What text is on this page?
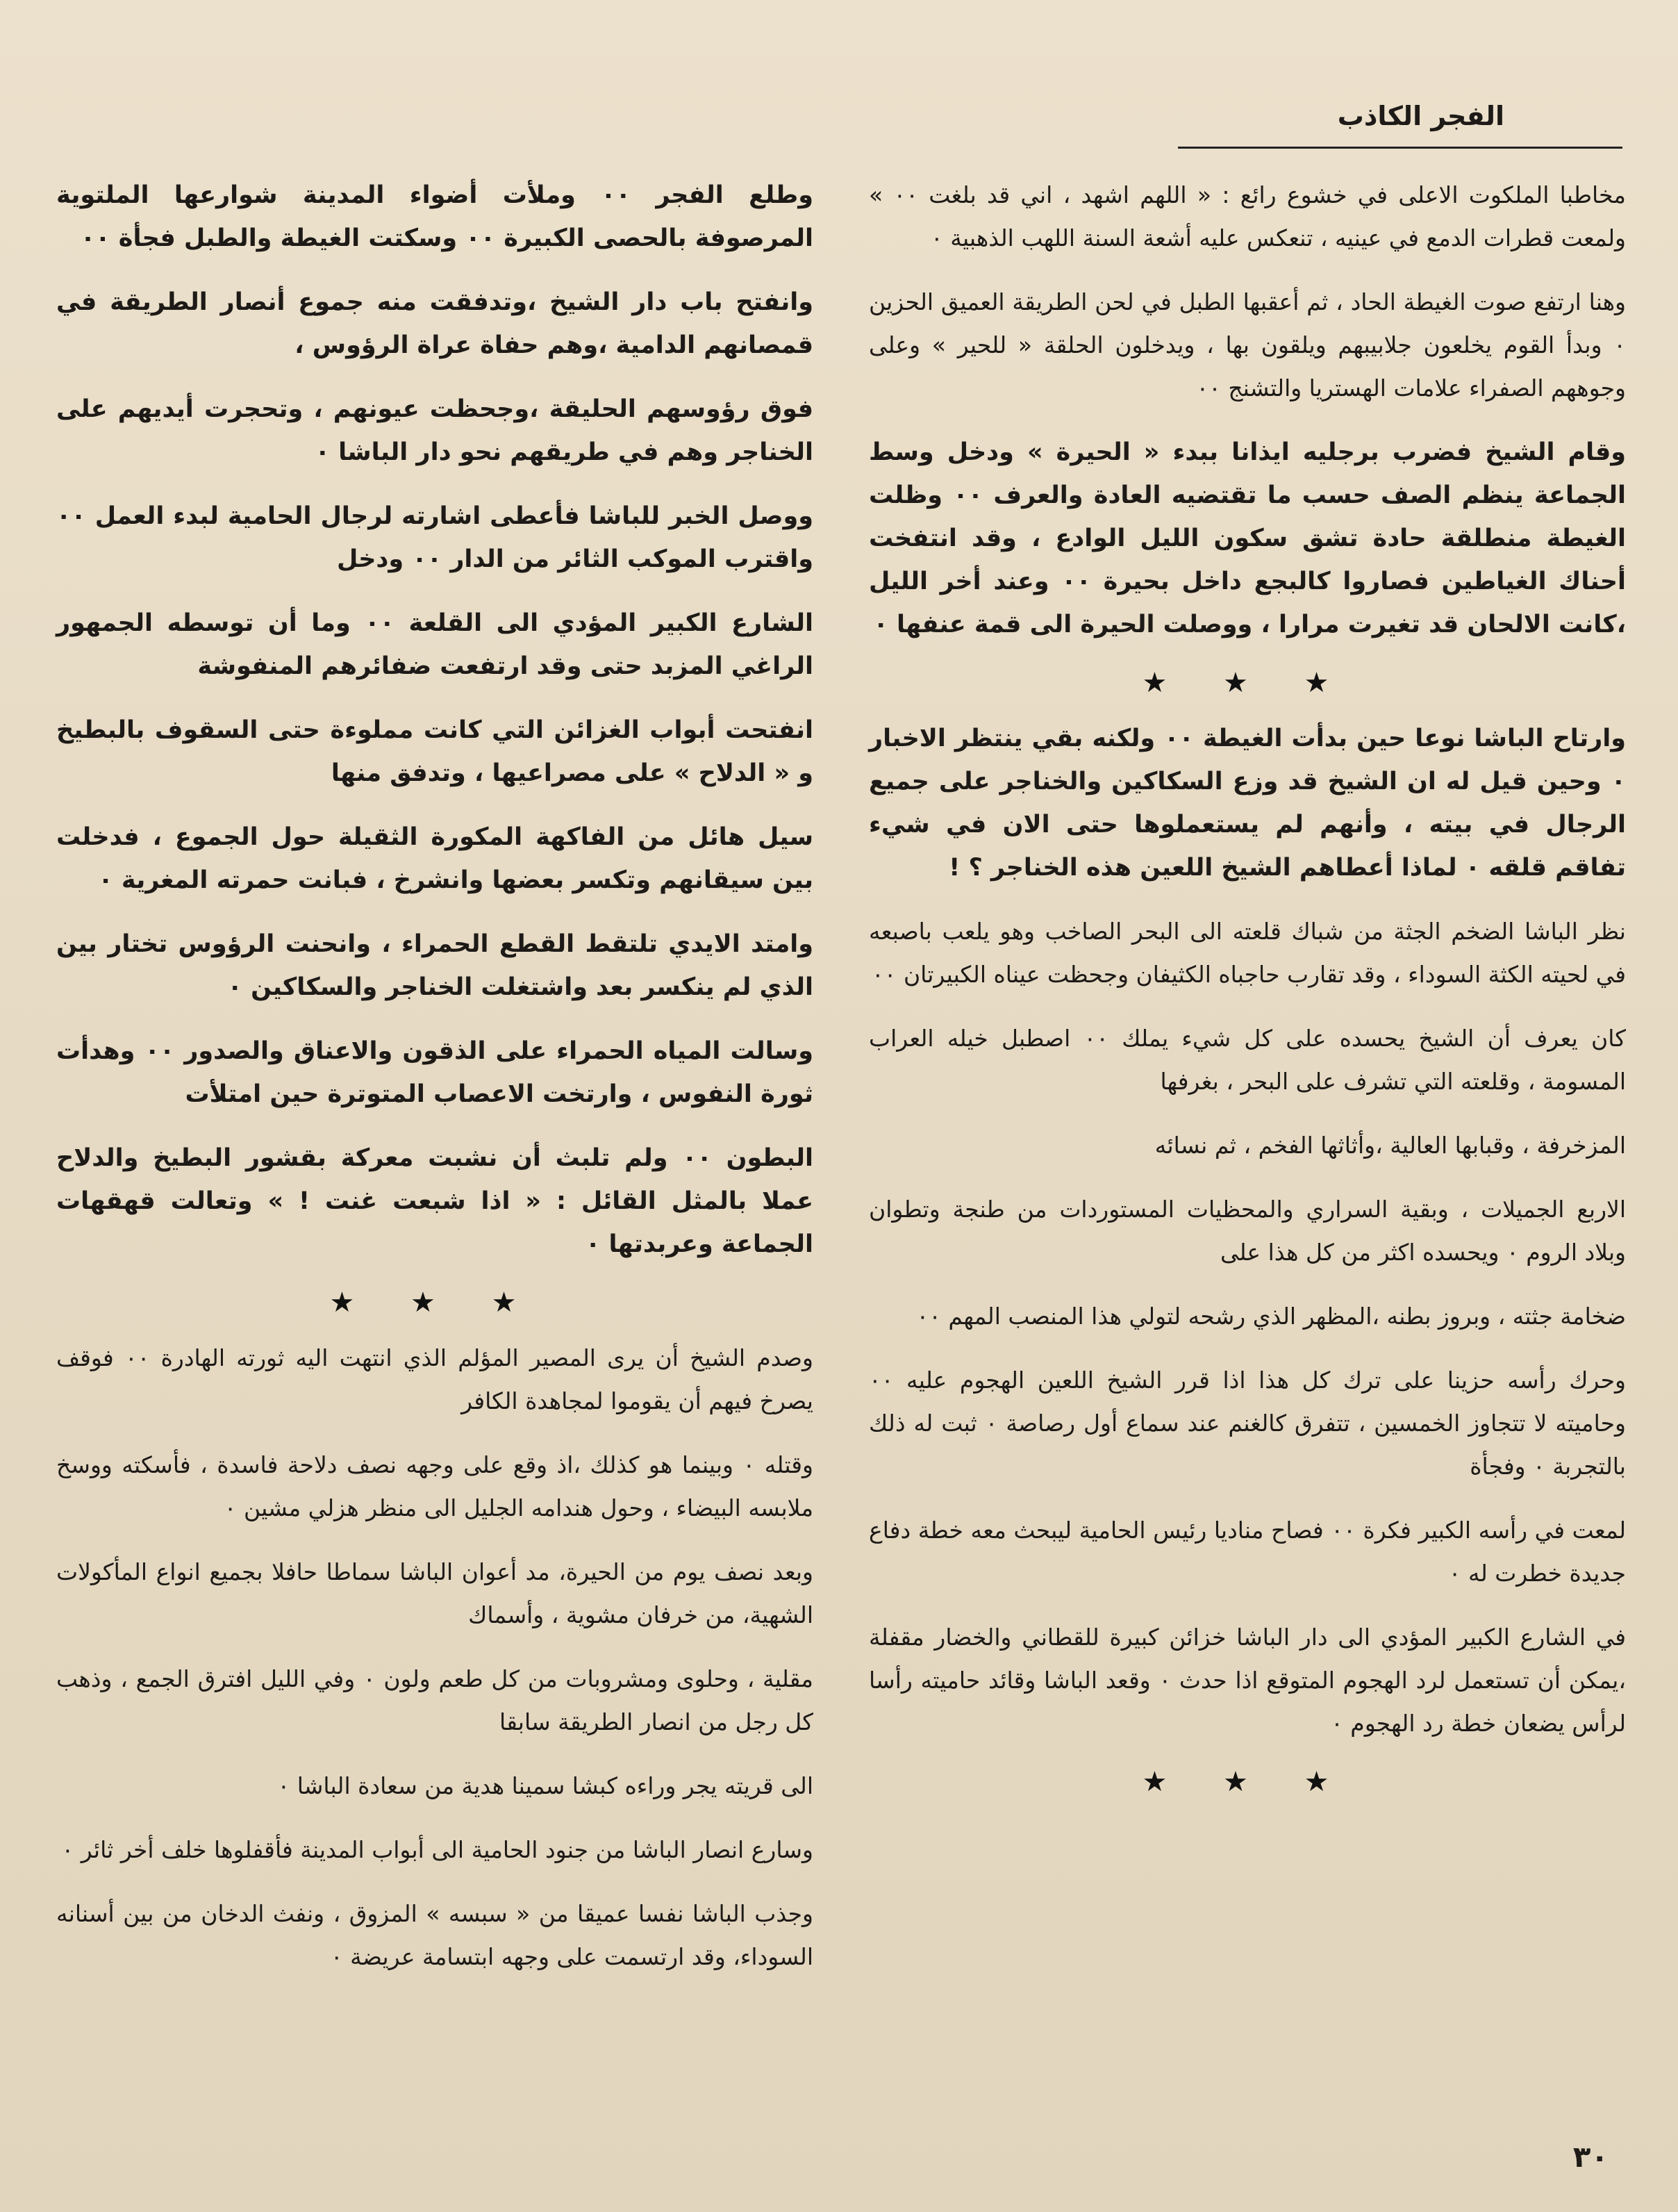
الفجر الكاذب

مخاطبا الملكوت الاعلى في خشوع رائع : « اللهم اشهد ، اني قد بلغت ٠٠ » ولمعت قطرات الدمع في عينيه ، تنعكس عليه أشعة السنة اللهب الذهبية ٠

وهنا ارتفع صوت الغيطة الحاد ، ثم أعقبها الطبل في لحن الطريقة العميق الحزين ٠ وبدأ القوم يخلعون جلابيبهم ويلقون بها ، ويدخلون الحلقة « للحير » وعلى وجوههم الصفراء علامات الهستريا والتشنج ٠٠

وقام الشيخ فضرب برجليه ايذانا ببدء « الحيرة » ودخل وسط الجماعة ينظم الصف حسب ما تقتضيه العادة والعرف ٠٠ وظلت الغيطة منطلقة حادة تشق سكون الليل الوادع ، وقد انتفخت أحناك الغياطين فصاروا كالبجع داخل بحيرة ٠٠ وعند أخر الليل ،كانت الالحان قد تغيرت مرارا ، ووصلت الحيرة الى قمة عنفها ٠

★ ★ ★

وارتاح الباشا نوعا حين بدأت الغيطة ٠٠ ولكنه بقي ينتظر الاخبار ٠ وحين قيل له ان الشيخ قد وزع السكاكين والخناجر على جميع الرجال في بيته ، وأنهم لم يستعملوها حتى الان في شيء تفاقم قلقه ٠ لماذا أعطاهم الشيخ اللعين هذه الخناجر ؟ !

نظر الباشا الضخم الجثة من شباك قلعته الى البحر الصاخب وهو يلعب باصبعه في لحيته الكثة السوداء ، وقد تقارب حاجباه الكثيفان وجحظت عيناه الكبيرتان ٠٠

كان يعرف أن الشيخ يحسده على كل شيء يملك ٠٠ اصطبل خيله العراب المسومة ، وقلعته التي تشرف على البحر ، بغرفها

المزخرفة ، وقبابها العالية ،وأثاثها الفخم ، ثم نسائه

الاربع الجميلات ، وبقية السراري والمحظيات المستوردات من طنجة وتطوان وبلاد الروم ٠ ويحسده اكثر من كل هذا على

ضخامة جثته ، وبروز بطنه ،المظهر الذي رشحه لتولي هذا المنصب المهم ٠٠

وحرك رأسه حزينا على ترك كل هذا اذا قرر الشيخ اللعين الهجوم عليه ٠٠ وحاميته لا تتجاوز الخمسين ، تتفرق كالغنم عند سماع أول رصاصة ٠ ثبت له ذلك بالتجربة ٠ وفجأة

لمعت في رأسه الكبير فكرة ٠٠ فصاح مناديا رئيس الحامية ليبحث معه خطة دفاع جديدة خطرت له ٠

في الشارع الكبير المؤدي الى دار الباشا خزائن كبيرة للقطاني والخضار مقفلة ،يمكن أن تستعمل لرد الهجوم المتوقع اذا حدث ٠ وقعد الباشا وقائد حاميته رأسا لرأس يضعان خطة رد الهجوم ٠

★ ★ ★

وطلع الفجر ٠٠ وملأت أضواء المدينة شوارعها الملتوية المرصوفة بالحصى الكبيرة ٠٠ وسكتت الغيطة والطبل فجأة ٠٠

وانفتح باب دار الشيخ ،وتدفقت منه جموع أنصار الطريقة في قمصانهم الدامية ،وهم حفاة عراة الرؤوس ،

فوق رؤوسهم الحليقة ،وجحظت عيونهم ، وتحجرت أيديهم على الخناجر وهم في طريقهم نحو دار الباشا ٠

ووصل الخبر للباشا فأعطى اشارته لرجال الحامية لبدء العمل ٠٠ واقترب الموكب الثائر من الدار ٠٠ ودخل

الشارع الكبير المؤدي الى القلعة ٠٠ وما أن توسطه الجمهور الراغي المزبد حتى وقد ارتفعت ضفائرهم المنفوشة

انفتحت أبواب الغزائن التي كانت مملوءة حتى السقوف بالبطيخ و « الدلاح » على مصراعيها ، وتدفق منها

سيل هائل من الفاكهة المكورة الثقيلة حول الجموع ، فدخلت بين سيقانهم وتكسر بعضها وانشرخ ، فبانت حمرته المغرية ٠

وامتد الايدي تلتقط القطع الحمراء ، وانحنت الرؤوس تختار بين الذي لم ينكسر بعد واشتغلت الخناجر والسكاكين ٠

وسالت المياه الحمراء على الذقون والاعناق والصدور ٠٠ وهدأت ثورة النفوس ، وارتخت الاعصاب المتوترة حين امتلأت

البطون ٠٠ ولم تلبث أن نشبت معركة بقشور البطيخ والدلاح عملا بالمثل القائل : « اذا شبعت غنت ! » وتعالت قهقهات الجماعة وعربدتها ٠

★ ★ ★

وصدم الشيخ أن يرى المصير المؤلم الذي انتهت اليه ثورته الهادرة ٠٠ فوقف يصرخ فيهم أن يقوموا لمجاهدة الكافر

وقتله ٠ وبينما هو كذلك ،اذ وقع على وجهه نصف دلاحة فاسدة ، فأسكته ووسخ ملابسه البيضاء ، وحول هندامه الجليل الى منظر هزلي مشين ٠

وبعد نصف يوم من الحيرة، مد أعوان الباشا سماطا حافلا بجميع انواع المأكولات الشهية، من خرفان مشوية ، وأسماك

مقلية ، وحلوى ومشروبات من كل طعم ولون ٠ وفي الليل افترق الجمع ، وذهب كل رجل من انصار الطريقة سابقا

الى قريته يجر وراءه كبشا سمينا هدية من سعادة الباشا ٠

وسارع انصار الباشا من جنود الحامية الى أبواب المدينة فأقفلوها خلف أخر ثائر ٠

وجذب الباشا نفسا عميقا من « سبسه » المزوق ، ونفث الدخان من بين أسنانه السوداء، وقد ارتسمت على وجهه ابتسامة عريضة ٠

٣٠
